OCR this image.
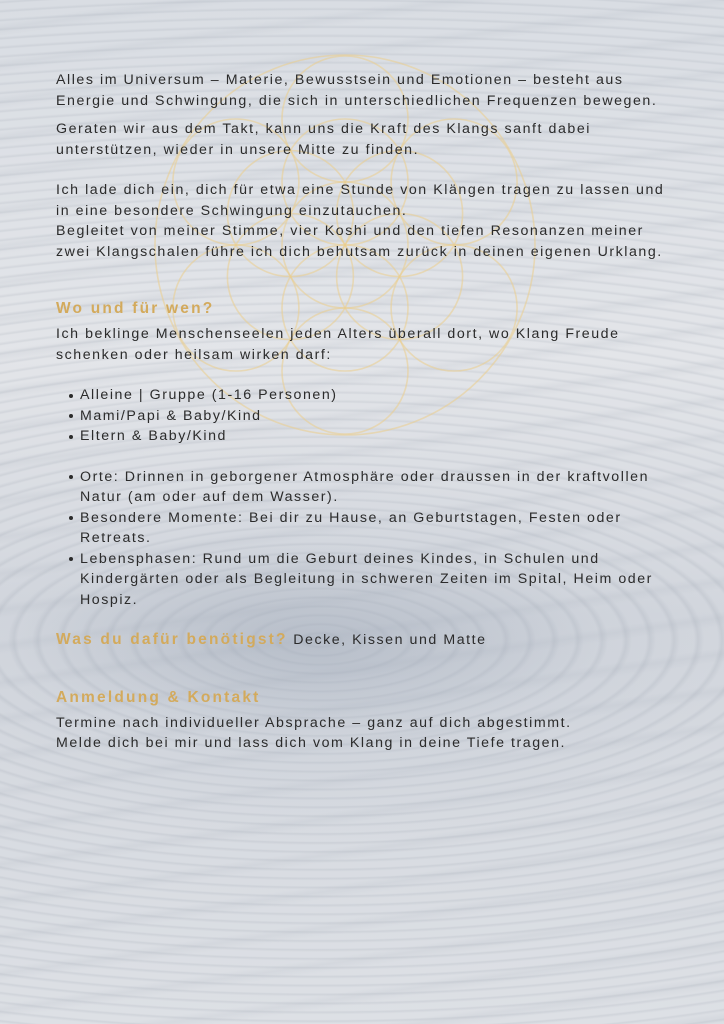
Alles im Universum – Materie, Bewusstsein und Emotionen – besteht aus Energie und Schwingung, die sich in unterschiedlichen Frequenzen bewegen.

Geraten wir aus dem Takt, kann uns die Kraft des Klangs sanft dabei unterstützen, wieder in unsere Mitte zu finden.

Ich lade dich ein, dich für etwa eine Stunde von Klängen tragen zu lassen und in eine besondere Schwingung einzutauchen.

Begleitet von meiner Stimme, vier Koshi und den tiefen Resonanzen meiner zwei Klangschalen führe ich dich behutsam zurück in deinen eigenen Urklang.

Wo und für wen?

Ich beklinge Menschenseelen jeden Alters überall dort, wo Klang Freude schenken oder heilsam wirken darf:

Alleine | Gruppe (1-16 Personen)
Mami/Papi & Baby/Kind
Eltern & Baby/Kind
Orte: Drinnen in geborgener Atmosphäre oder draussen in der kraftvollen Natur (am oder auf dem Wasser).
Besondere Momente: Bei dir zu Hause, an Geburtstagen, Festen oder Retreats.
Lebensphasen: Rund um die Geburt deines Kindes, in Schulen und Kindergärten oder als Begleitung in schweren Zeiten im Spital, Heim oder Hospiz.

Was du dafür benötigst? Decke, Kissen und Matte

Anmeldung & Kontakt

Termine nach individueller Absprache – ganz auf dich abgestimmt.

Melde dich bei mir und lass dich vom Klang in deine Tiefe tragen.
